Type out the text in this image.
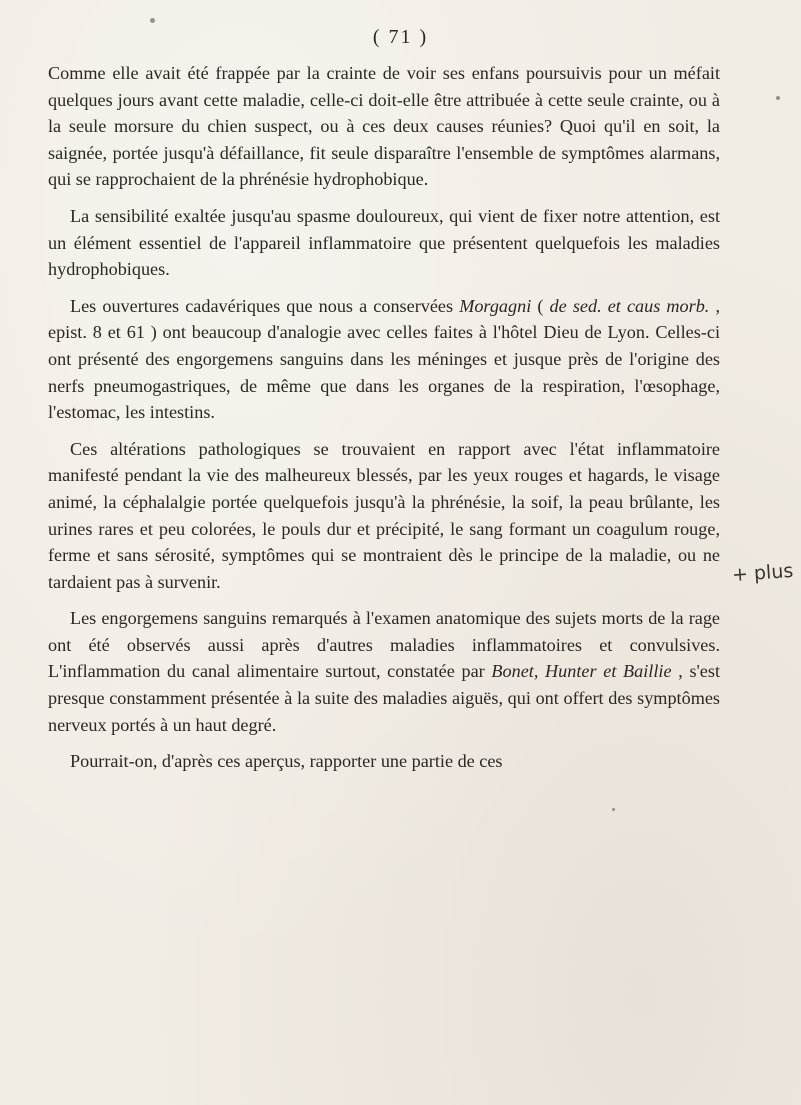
( 71 )

Comme elle avait été frappée par la crainte de voir ses enfans poursuivis pour un méfait quelques jours avant cette maladie, celle-ci doit-elle être attribuée à cette seule crainte, ou à la seule morsure du chien suspect, ou à ces deux causes réunies? Quoi qu'il en soit, la saignée, portée jusqu'à défaillance, fit seule disparaître l'ensemble de symptômes alarmans, qui se rapprochaient de la phrénésie hydrophobique.

La sensibilité exaltée jusqu'au spasme douloureux, qui vient de fixer notre attention, est un élément essentiel de l'appareil inflammatoire que présentent quelquefois les maladies hydrophobiques.

Les ouvertures cadavériques que nous a conservées Morgagni ( de sed. et caus morb. , epist. 8 et 61 ) ont beaucoup d'analogie avec celles faites à l'hôtel Dieu de Lyon. Celles-ci ont présenté des engorgemens sanguins dans les méninges et jusque près de l'origine des nerfs pneumogastriques, de même que dans les organes de la respiration, l'œsophage, l'estomac, les intestins.

Ces altérations pathologiques se trouvaient en rapport avec l'état inflammatoire manifesté pendant la vie des malheureux blessés, par les yeux rouges et hagards, le visage animé, la céphalalgie portée quelquefois jusqu'à la phrénésie, la soif, la peau brûlante, les urines rares et peu colorées, le pouls dur et précipité, le sang formant un coagulum rouge, ferme et sans sérosité, symptômes qui se montraient dès le principe de la maladie, ou ne tardaient pas à survenir.

Les engorgemens sanguins remarqués à l'examen anatomique des sujets morts de la rage ont été observés aussi après d'autres maladies inflammatoires et convulsives. L'inflammation du canal alimentaire surtout, constatée par Bonet, Hunter et Baillie , s'est presque constamment présentée à la suite des maladies aiguës, qui ont offert des symptômes nerveux portés à un haut degré.

Pourrait-on, d'après ces aperçus, rapporter une partie de ces

+ plus
